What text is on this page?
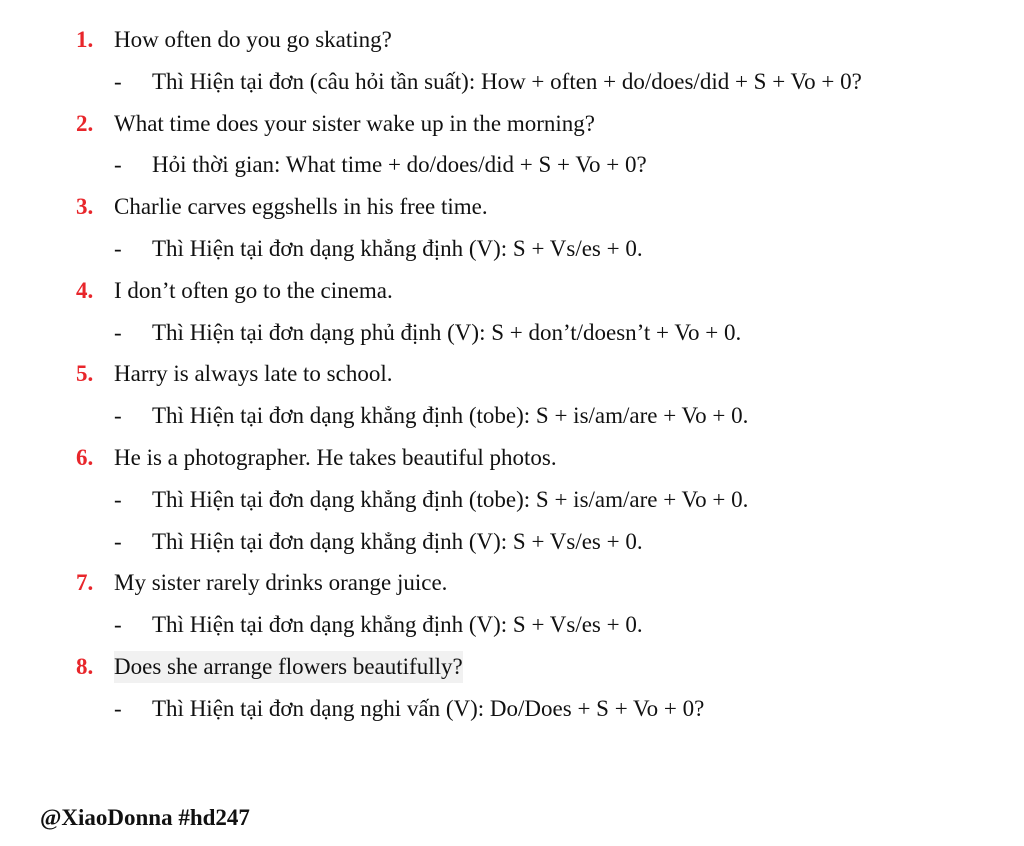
1. How often do you go skating?
- Thì Hiện tại đơn (câu hỏi tần suất): How + often + do/does/did + S + Vo + 0?
2. What time does your sister wake up in the morning?
- Hỏi thời gian: What time + do/does/did + S + Vo + 0?
3. Charlie carves eggshells in his free time.
- Thì Hiện tại đơn dạng khẳng định (V): S + Vs/es + 0.
4. I don’t often go to the cinema.
- Thì Hiện tại đơn dạng phủ định (V): S + don’t/doesn’t + Vo + 0.
5. Harry is always late to school.
- Thì Hiện tại đơn dạng khẳng định (tobe): S + is/am/are + Vo + 0.
6. He is a photographer. He takes beautiful photos.
- Thì Hiện tại đơn dạng khẳng định (tobe): S + is/am/are + Vo + 0.
- Thì Hiện tại đơn dạng khẳng định (V): S + Vs/es + 0.
7. My sister rarely drinks orange juice.
- Thì Hiện tại đơn dạng khẳng định (V): S + Vs/es + 0.
8. Does she arrange flowers beautifully?
- Thì Hiện tại đơn dạng nghi vấn (V): Do/Does + S + Vo + 0?
@XiaoDonna #hd247
